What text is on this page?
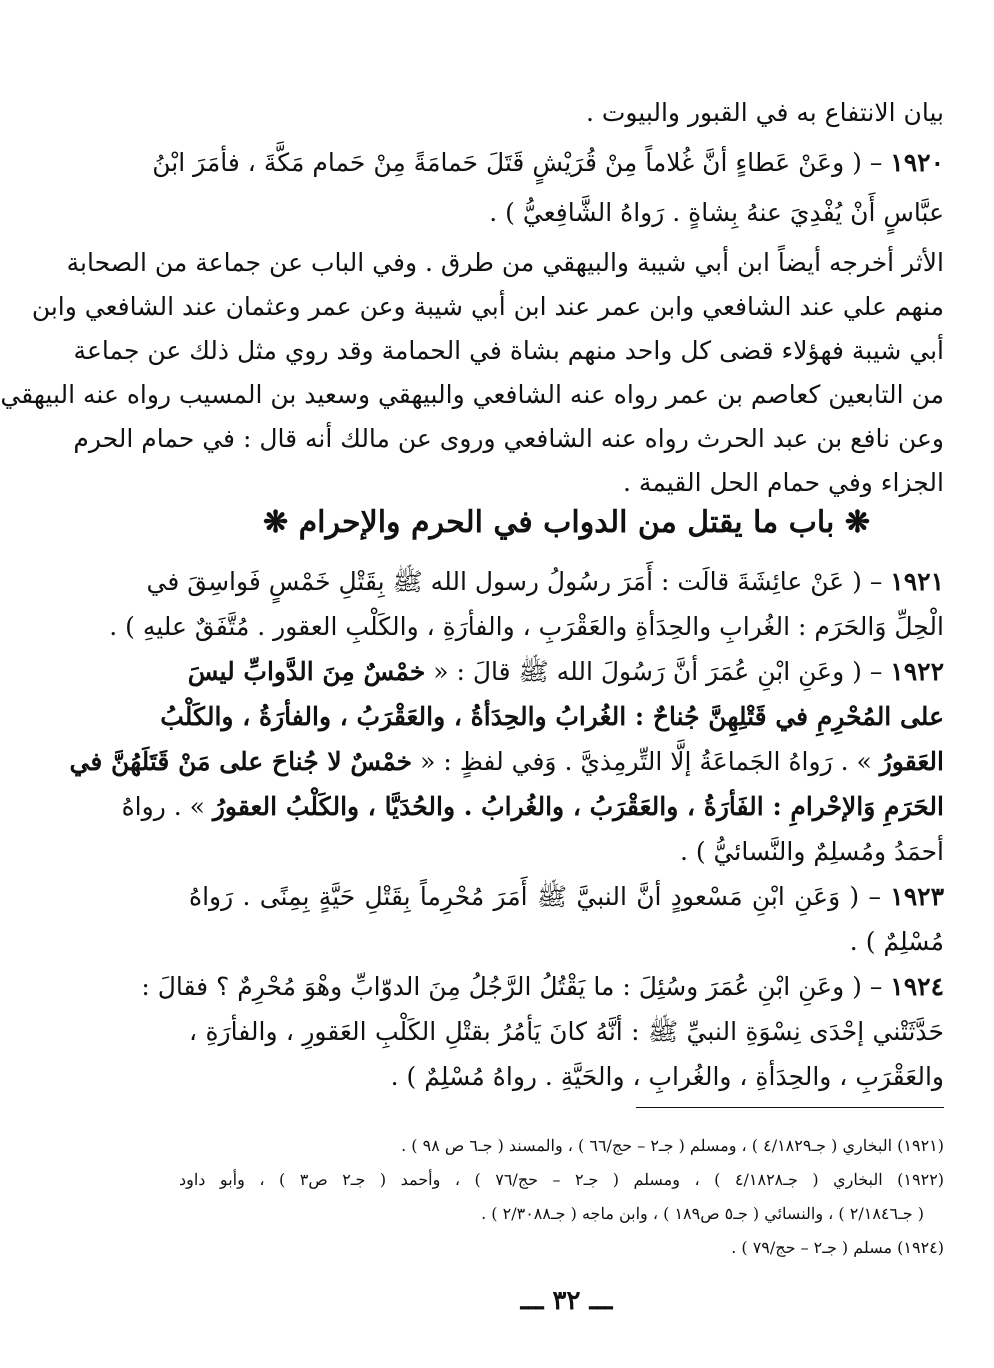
بيان الانتفاع به في القبور والبيوت .
١٩٢٠ – ( وعَنْ عَطاءٍ أنَّ غُلاماً مِنْ قُرَيْشٍ قَتَلَ حَمامَةً مِنْ حَمام مَكَّةَ ، فأمَرَ ابْنُ
عبَّاسٍ أَنْ يُفْدِيَ عنهُ بِشاةٍ . رَواهُ الشَّافِعيُّ ) .
الأثر أخرجه أيضاً ابن أبي شيبة والبيهقي من طرق . وفي الباب عن جماعة من الصحابة
منهم علي عند الشافعي وابن عمر عند ابن أبي شيبة وعن عمر وعثمان عند الشافعي وابن
أبي شيبة فهؤلاء قضى كل واحد منهم بشاة في الحمامة وقد روي مثل ذلك عن جماعة
من التابعين كعاصم بن عمر رواه عنه الشافعي والبيهقي وسعيد بن المسيب رواه عنه البيهقي
وعن نافع بن عبد الحرث رواه عنه الشافعي وروى عن مالك أنه قال : في حمام الحرم
الجزاء وفي حمام الحل القيمة .
❋ باب ما يقتل من الدواب في الحرم والإحرام ❋
١٩٢١ – ( عَنْ عائِشَةَ قالَت : أَمَرَ رسُولُ رسول الله ﷺ بِقَتْلِ خَمْسٍ فَواسِقَ في
الْحِلِّ وَالحَرَم : الغُرابِ والحِدَأةِ والعَقْرَبِ ، والفأرَةِ ، والكَلْبِ العقور . مُتَّفَقٌ عليهِ ) .
١٩٢٢ – ( وعَنِ ابْنِ عُمَرَ أنَّ رَسُولَ الله ﷺ قالَ : « خمْسٌ مِنَ الدَّوابِّ ليسَ
على المُحْرِمِ في قَتْلِهِنَّ جُناحٌ : الغُرابُ والحِدَأةُ ، والعَقْرَبُ ، والفأرَةُ ، والكَلْبُ
العَقورُ » . رَواهُ الجَماعَةُ إلَّا التِّرمِذيَّ . وَفي لفظٍ : « خمْسٌ لا جُناحَ على مَنْ قَتَلَهُنَّ في
الحَرَمِ وَالإحْرامِ : الفَأرَةُ ، والعَقْرَبُ ، والغُرابُ . والحُدَيَّا ، والكَلْبُ العقورُ » . رواهُ
أحمَدُ ومُسلِمٌ والنَّسائيُّ ) .
١٩٢٣ – ( وَعَنِ ابْنِ مَسْعودٍ أنَّ النبيَّ ﷺ أَمَرَ مُحْرِماً بِقَتْلِ حَيَّةٍ بِمِنًى . رَواهُ
مُسْلِمٌ ) .
١٩٢٤ – ( وعَنِ ابْنِ عُمَرَ وسُئِلَ : ما يَقْتُلُ الرَّجُلُ مِنَ الدوّابِّ وهْوَ مُحْرِمٌ ؟ فقالَ :
حَدَّثَتْني إحْدَى نِسْوَةِ النبيِّ ﷺ : أنَّهُ كانَ يَأمُرُ بقتْلِ الكَلْبِ العَقورِ ، والفأرَةِ ،
والعَقْرَبِ ، والحِدَأةِ ، والغُرابِ ، والحَيَّةِ . رواهُ مُسْلِمٌ ) .
(١٩٢١) البخاري ( جـ٤/١٨٢٩ ) ، ومسلم ( جـ٢ – حج/٦٦ ) ، والمسند ( جـ٦ ص ٩٨ ) .
(١٩٢٢) البخاري ( جـ٤/١٨٢٨ ) ، ومسلم ( جـ٢ – حج/٧٦ ) ، وأحمد ( جـ٢ ص٣ ) ، وأبو داود
( جـ٢/١٨٤٦ ) ، والنسائي ( جـ٥ ص١٨٩ ) ، وابن ماجه ( جـ٢/٣٠٨٨ ) .
(١٩٢٤) مسلم ( جـ٢ – حج/٧٩ ) .
ـــ ٣٢ ـــ
